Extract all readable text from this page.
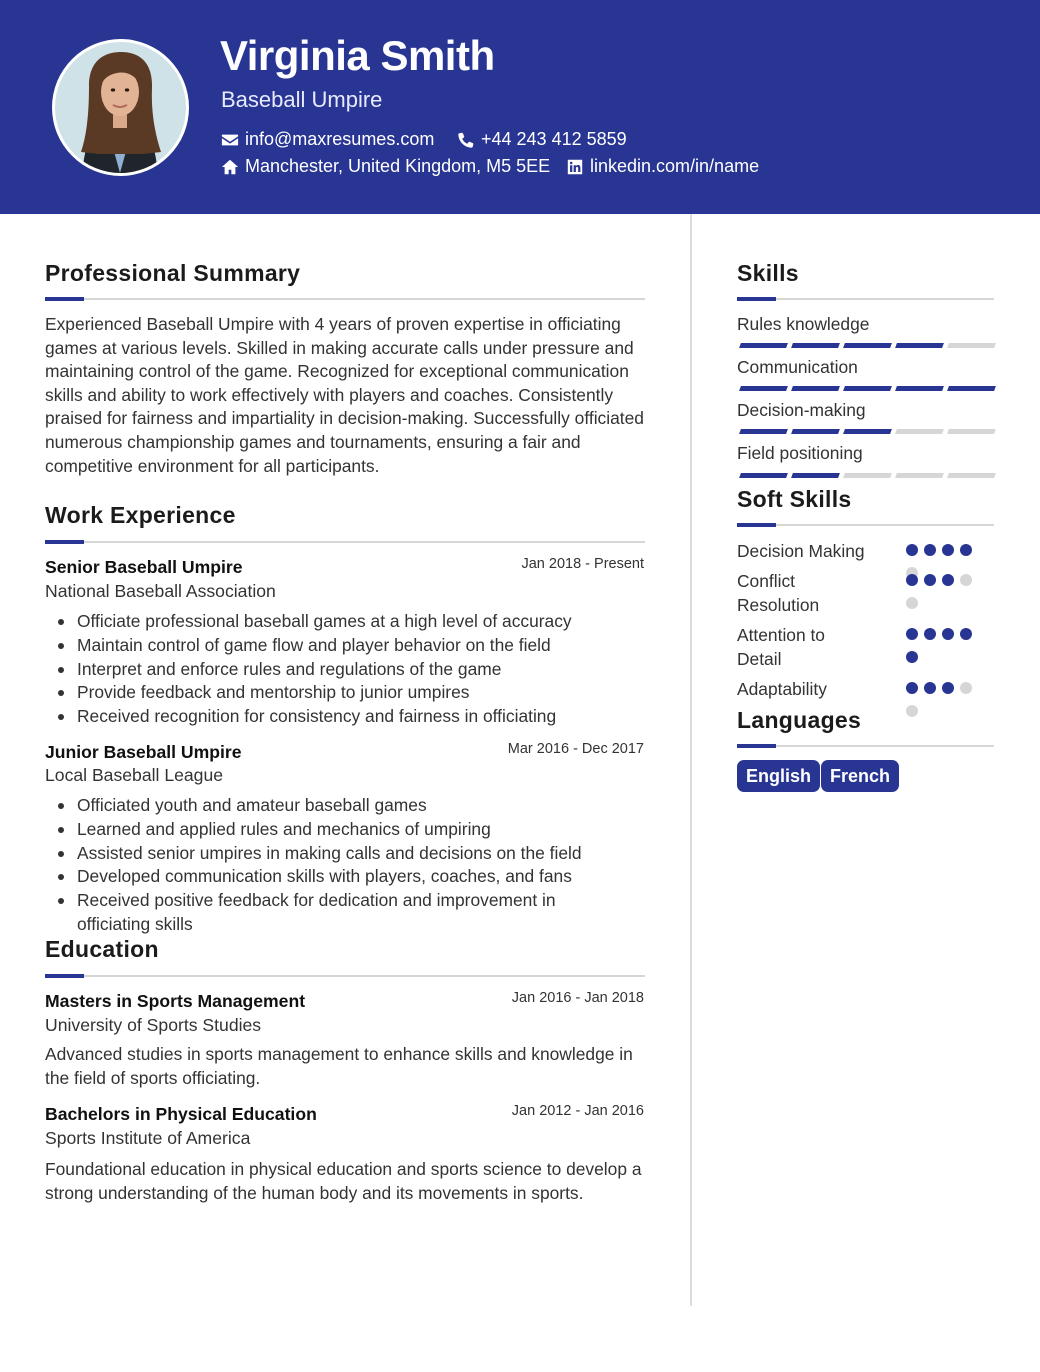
Virginia Smith
Baseball Umpire
info@maxresumes.com	+44 243 412 5859
Manchester, United Kingdom, M5 5EE linkedin.com/in/name
Professional Summary
Experienced Baseball Umpire with 4 years of proven expertise in officiating games at various levels. Skilled in making accurate calls under pressure and maintaining control of the game. Recognized for exceptional communication skills and ability to work effectively with players and coaches. Consistently praised for fairness and impartiality in decision-making. Successfully officiated numerous championship games and tournaments, ensuring a fair and competitive environment for all participants.
Work Experience
Senior Baseball Umpire	Jan 2018 - Present
National Baseball Association
Officiate professional baseball games at a high level of accuracy
Maintain control of game flow and player behavior on the field
Interpret and enforce rules and regulations of the game
Provide feedback and mentorship to junior umpires
Received recognition for consistency and fairness in officiating
Junior Baseball Umpire	Mar 2016 - Dec 2017
Local Baseball League
Officiated youth and amateur baseball games
Learned and applied rules and mechanics of umpiring
Assisted senior umpires in making calls and decisions on the field
Developed communication skills with players, coaches, and fans
Received positive feedback for dedication and improvement in officiating skills
Education
Masters in Sports Management	Jan 2016 - Jan 2018
University of Sports Studies
Advanced studies in sports management to enhance skills and knowledge in the field of sports officiating.
Bachelors in Physical Education	Jan 2012 - Jan 2016
Sports Institute of America
Foundational education in physical education and sports science to develop a strong understanding of the human body and its movements in sports.
Skills
Rules knowledge
Communication
Decision-making
Field positioning
Soft Skills
Decision Making
Conflict Resolution
Attention to Detail
Adaptability
Languages
English	French
